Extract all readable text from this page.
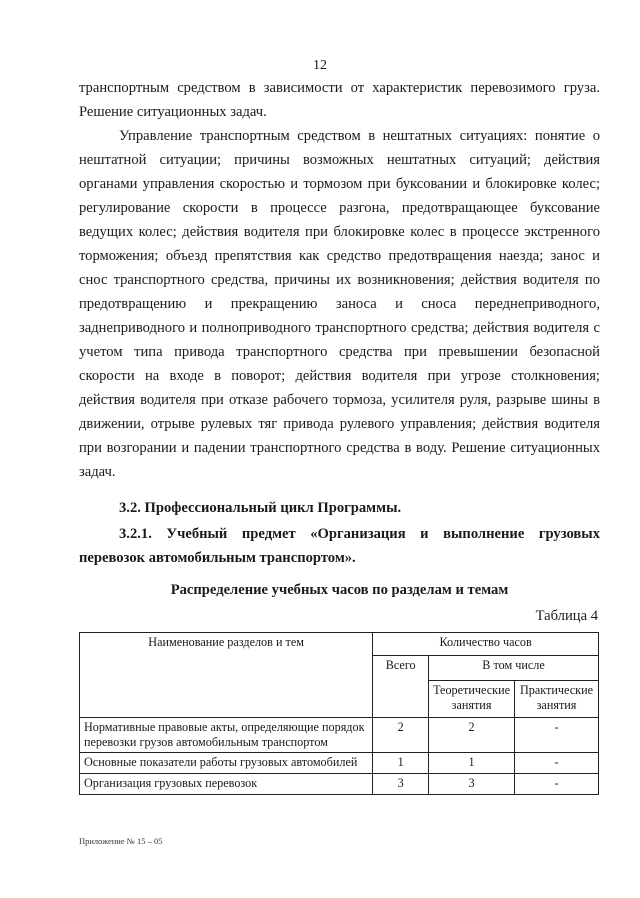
12
транспортным средством в зависимости от характеристик перевозимого груза. Решение ситуационных задач.
Управление транспортным средством в нештатных ситуациях: понятие о нештатной ситуации; причины возможных нештатных ситуаций; действия органами управления скоростью и тормозом при буксовании и блокировке колес; регулирование скорости в процессе разгона, предотвращающее буксование ведущих колес; действия водителя при блокировке колес в процессе экстренного торможения; объезд препятствия как средство предотвращения наезда; занос и снос транспортного средства, причины их возникновения; действия водителя по предотвращению и прекращению заноса и сноса переднеприводного, заднеприводного и полноприводного транспортного средства; действия водителя с учетом типа привода транспортного средства при превышении безопасной скорости на входе в поворот; действия водителя при угрозе столкновения; действия водителя при отказе рабочего тормоза, усилителя руля, разрыве шины в движении, отрыве рулевых тяг привода рулевого управления; действия водителя при возгорании и падении транспортного средства в воду. Решение ситуационных задач.
3.2. Профессиональный цикл Программы.
3.2.1. Учебный предмет «Организация и выполнение грузовых перевозок автомобильным транспортом».
Распределение учебных часов по разделам и темам
Таблица 4
Наименование разделов и тем	Количество часов		
	Всего	В том числе	
		Теоретические занятия	Практические занятия
Нормативные правовые акты, определяющие порядок перевозки грузов автомобильным транспортом	2	2	-
Основные показатели работы грузовых автомобилей	1	1	-
Организация грузовых перевозок	3	3	-
Приложение № 15 – 05
